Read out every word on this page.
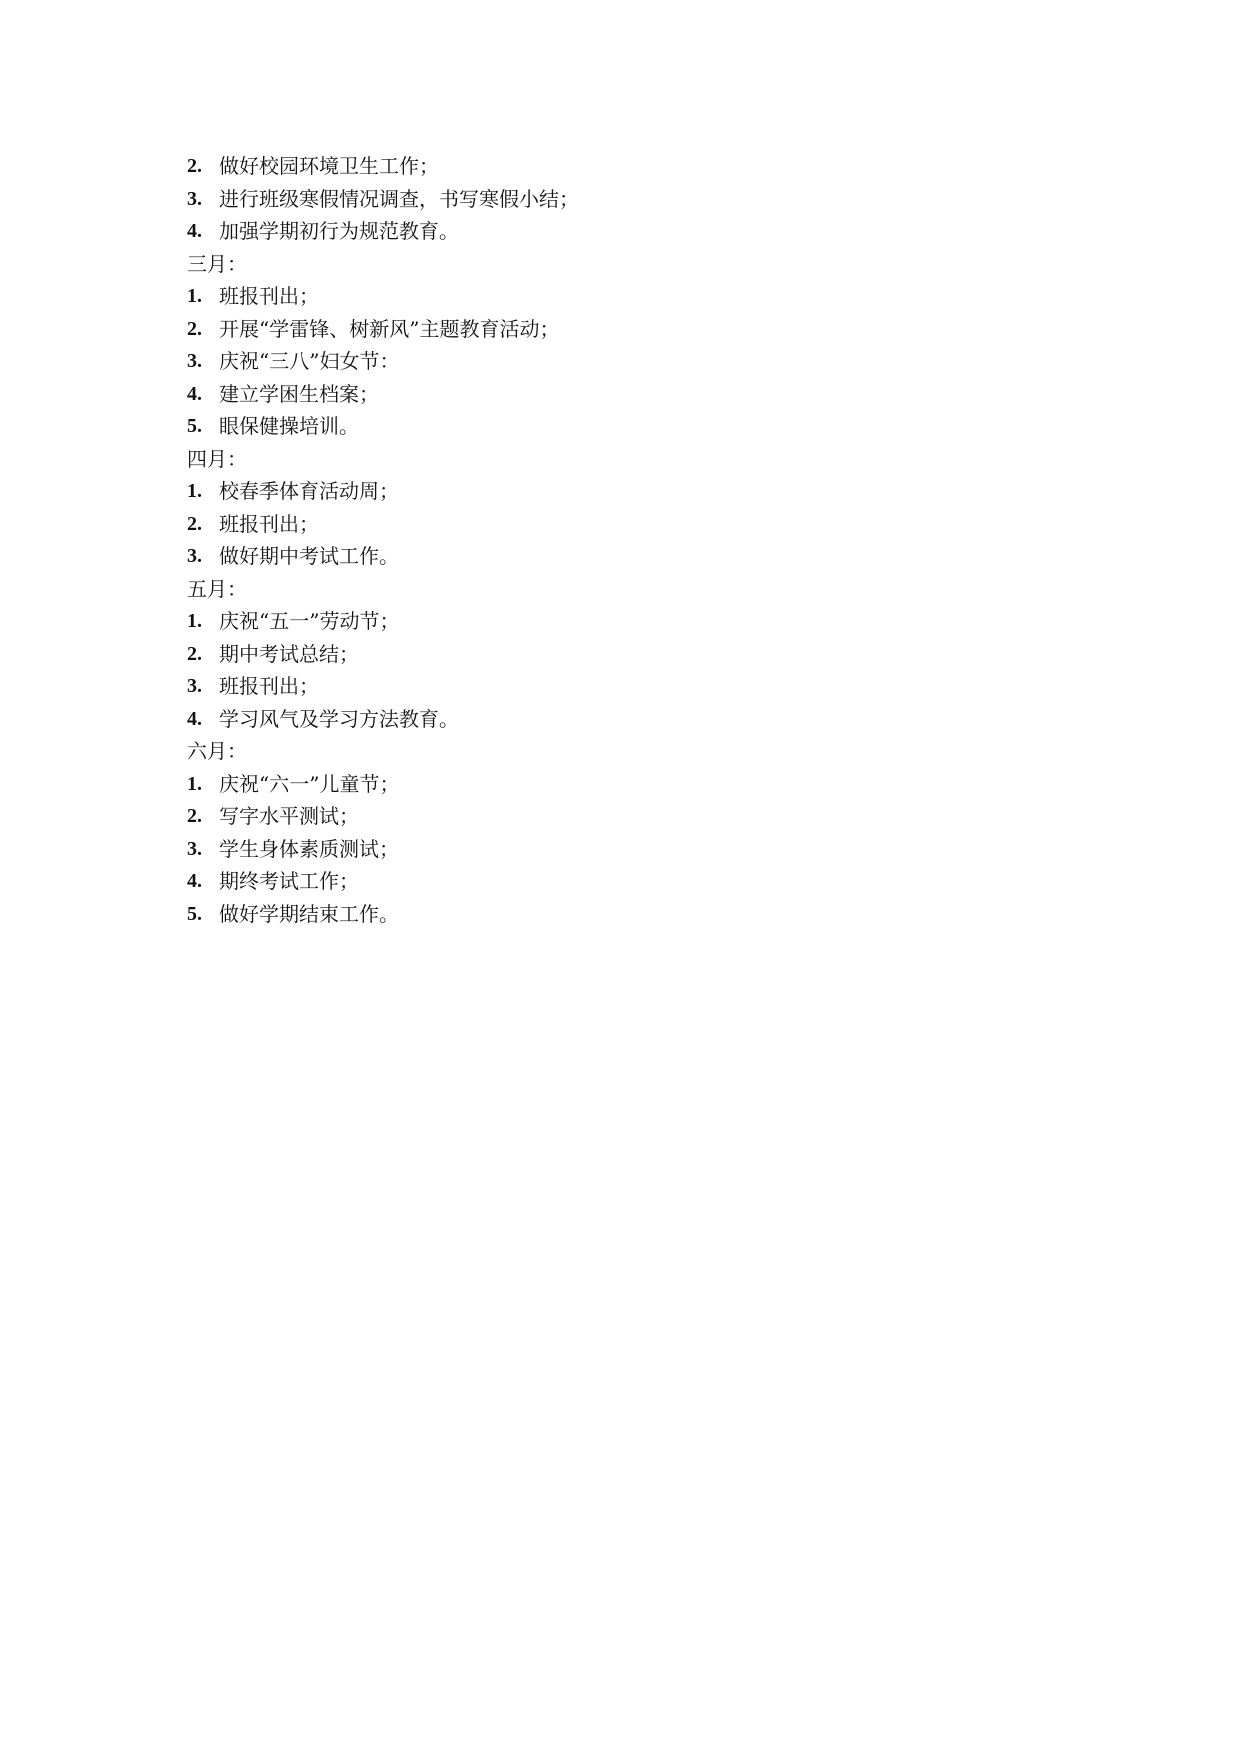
2. 做好校园环境卫生工作；
3. 进行班级寒假情况调查，书写寒假小结；
4. 加强学期初行为规范教育。
三月：
1. 班报刊出；
2. 开展“学雷锋、树新风”主题教育活动；
3. 庆祝“三八”妇女节：
4. 建立学困生档案；
5. 眼保健操培训。
四月：
1. 校春季体育活动周；
2. 班报刊出；
3. 做好期中考试工作。
五月：
1. 庆祝“五一”劳动节；
2. 期中考试总结；
3. 班报刊出；
4. 学习风气及学习方法教育。
六月：
1. 庆祝“六一”儿童节；
2. 写字水平测试；
3. 学生身体素质测试；
4. 期终考试工作；
5. 做好学期结束工作。
